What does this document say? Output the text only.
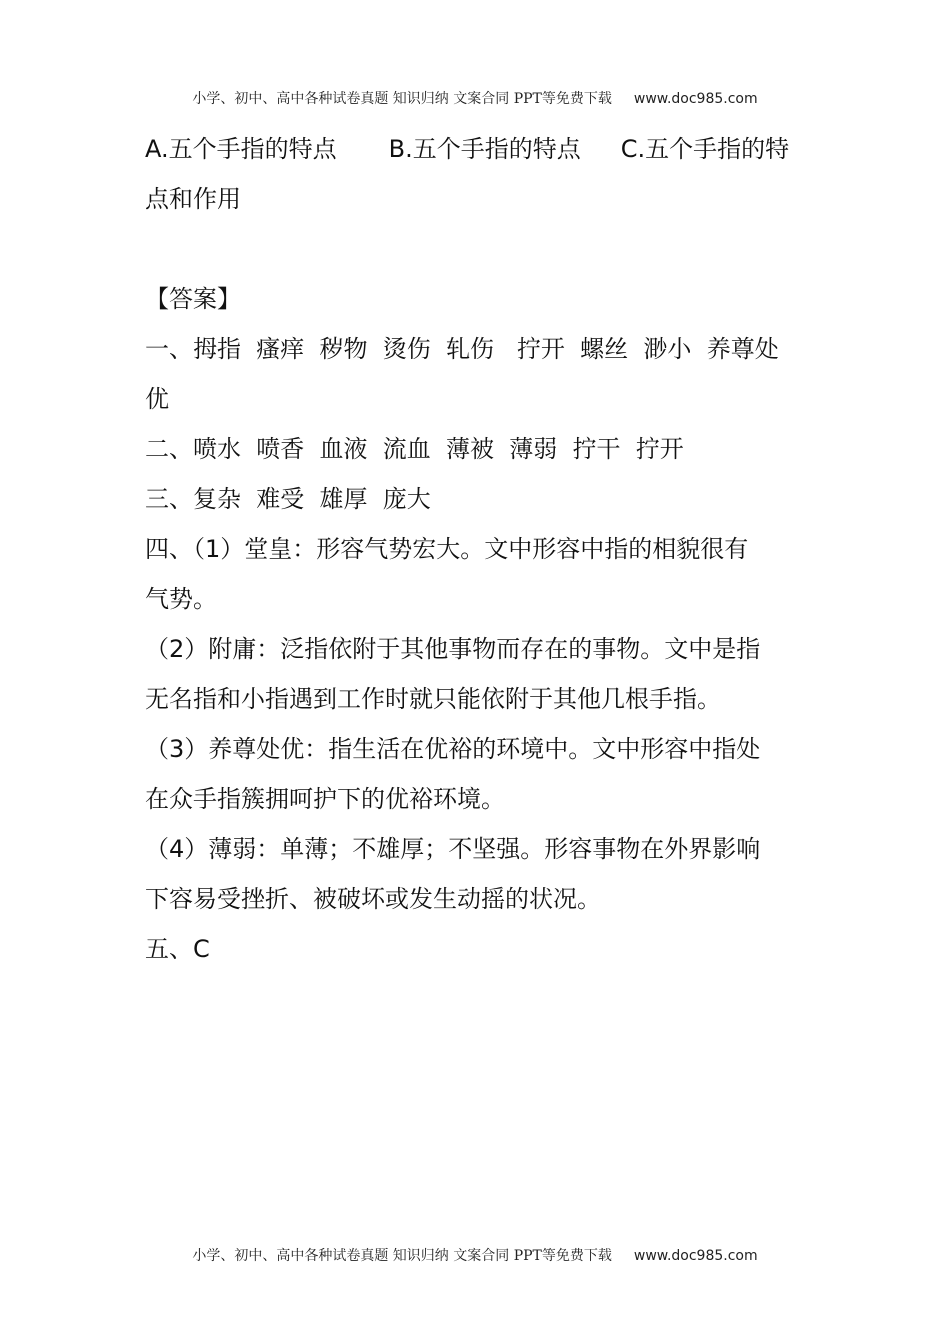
小学、初中、高中各种试卷真题 知识归纳 文案合同 PPT等免费下载 www.doc985.com

A.五个手指的特点 B.五个手指的特点 C.五个手指的特

点和作用

【答案】

一、拇指  瘙痒  秽物  烫伤  轧伤   拧开  螺丝  渺小  养尊处

优

二、喷水  喷香  血液  流血  薄被  薄弱  拧干  拧开

三、复杂  难受  雄厚  庞大

四、（1）堂皇：形容气势宏大。文中形容中指的相貌很有

气势。

（2）附庸：泛指依附于其他事物而存在的事物。文中是指

无名指和小指遇到工作时就只能依附于其他几根手指。

（3）养尊处优：指生活在优裕的环境中。文中形容中指处

在众手指簇拥呵护下的优裕环境。

（4）薄弱：单薄；不雄厚；不坚强。形容事物在外界影响

下容易受挫折、被破坏或发生动摇的状况。

五、C

小学、初中、高中各种试卷真题 知识归纳 文案合同 PPT等免费下载 www.doc985.com
